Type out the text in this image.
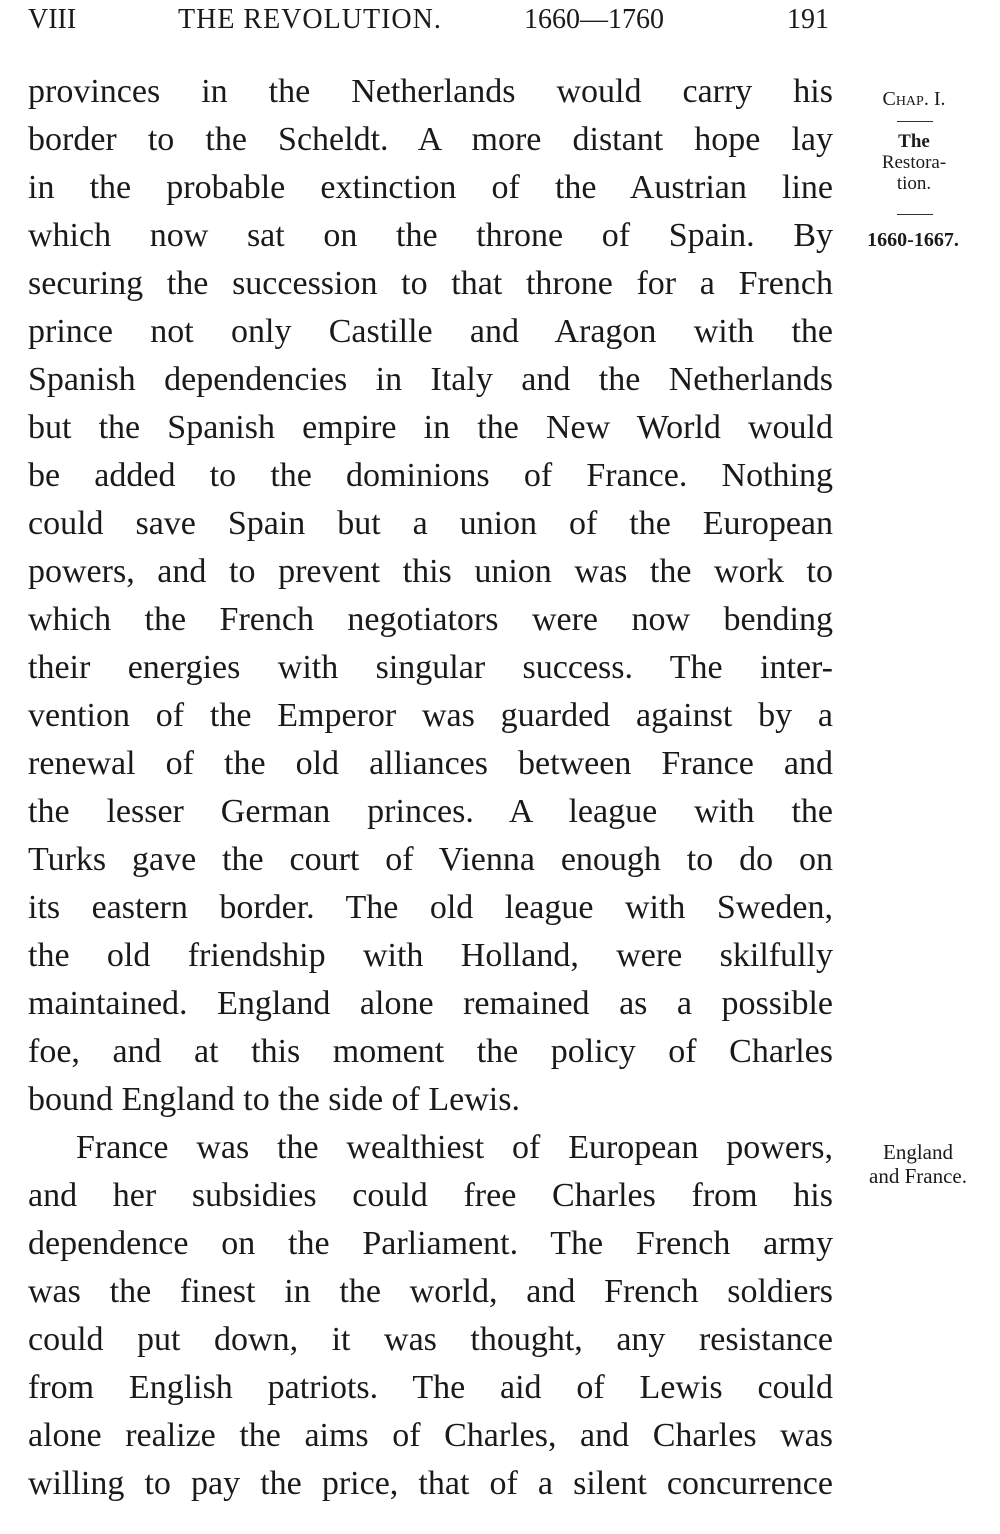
VIII	THE REVOLUTION.	1660—1760	191
Chap. I.
The
Restora-
tion.
1660-1667.
England
and France.
provinces in the Netherlands would carry his
border to the Scheldt. A more distant hope lay
in the probable extinction of the Austrian line
which now sat on the throne of Spain. By
securing the succession to that throne for a French
prince not only Castille and Aragon with the
Spanish dependencies in Italy and the Netherlands
but the Spanish empire in the New World would
be added to the dominions of France. Nothing
could save Spain but a union of the European
powers, and to prevent this union was the work to
which the French negotiators were now bending
their energies with singular success. The inter-
vention of the Emperor was guarded against by a
renewal of the old alliances between France and
the lesser German princes. A league with the
Turks gave the court of Vienna enough to do on
its eastern border. The old league with Sweden,
the old friendship with Holland, were skilfully
maintained. England alone remained as a possible
foe, and at this moment the policy of Charles
bound England to the side of Lewis.
France was the wealthiest of European powers,
and her subsidies could free Charles from his
dependence on the Parliament. The French army
was the finest in the world, and French soldiers
could put down, it was thought, any resistance
from English patriots. The aid of Lewis could
alone realize the aims of Charles, and Charles was
willing to pay the price, that of a silent concurrence
